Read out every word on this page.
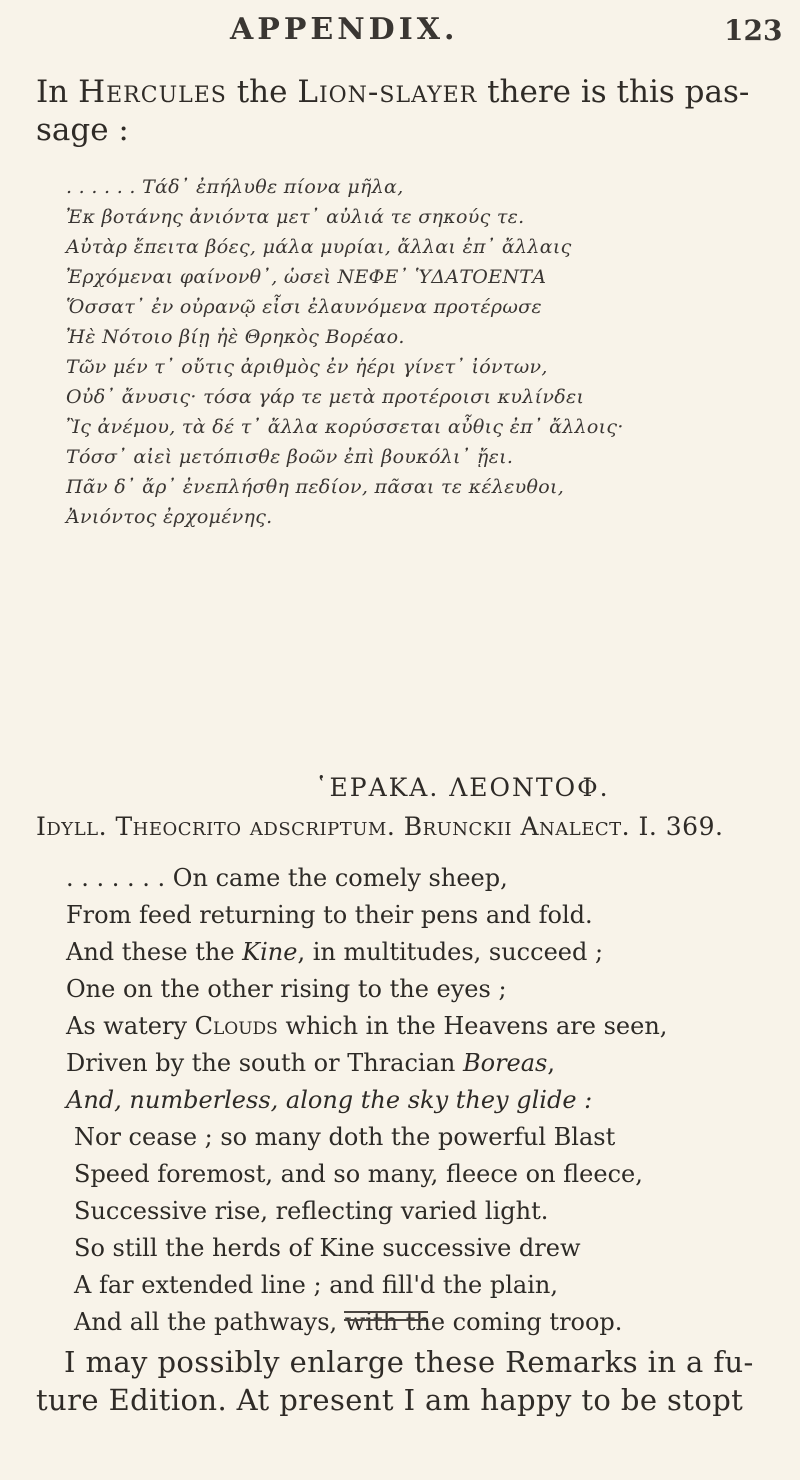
APPENDIX.	123
In Hercules the Lion-slayer there is this pas-
sage :
. . . . . . Τάδ᾽ ἐπήλυθε πίονα μῆλα,
Ἐκ βοτάνης ἀνιόντα μετ᾽ αὐλιά τε σηκούς τε.
Αὐτὰρ ἔπειτα βόες, μάλα μυρίαι, ἄλλαι ἐπ᾽ ἄλλαις
Ἐρχόμεναι φαίνονθ᾽, ὡσεὶ ΝΕΦΕ᾽ ὙΔΑΤΟΕΝΤΑ
Ὅσσατ᾽ ἐν οὐρανῷ εἶσι ἐλαυνόμενα προτέρωσε
Ἠὲ Νότοιο βίῃ ἠὲ Θρηκὸς Βορέαο.
Τῶν μέν τ᾽ οὔτις ἀριθμὸς ἐν ἠέρι γίνετ᾽ ἰόντων,
Οὐδ᾽ ἄνυσις· τόσα γάρ τε μετὰ προτέροισι κυλίνδει
Ἲς ἀνέμου, τὰ δέ τ᾽ ἄλλα κορύσσεται αὖθις ἐπ᾽ ἄλλοις·
Τόσσ᾽ αἰεὶ μετόπισθε βοῶν ἐπὶ βουκόλι᾽ ᾔει.
Πᾶν δ᾽ ἄρ᾽ ἐνεπλήσθη πεδίον, πᾶσαι τε κέλευθοι,
Ἀνιόντος ἐρχομένης.
῾ΕΡΑΚΑ. ΛΕΟΝΤΟΦ.
Idyll. Theocrito adscriptum. Brunckii Analect. I. 369.
. . . . . . . On came the comely sheep,
From feed returning to their pens and fold.
And these the Kine, in multitudes, succeed ;
One on the other rising to the eyes ;
As watery Clouds which in the Heavens are seen,
Driven by the south or Thracian Boreas,
And, numberless, along the sky they glide :
Nor cease ; so many doth the powerful Blast
Speed foremost, and so many, fleece on fleece,
Successive rise, reflecting varied light.
So still the herds of Kine successive drew
A far extended line ; and fill'd the plain,
And all the pathways, with the coming troop.
I may possibly enlarge these Remarks in a fu-
ture Edition. At present I am happy to be stopt
